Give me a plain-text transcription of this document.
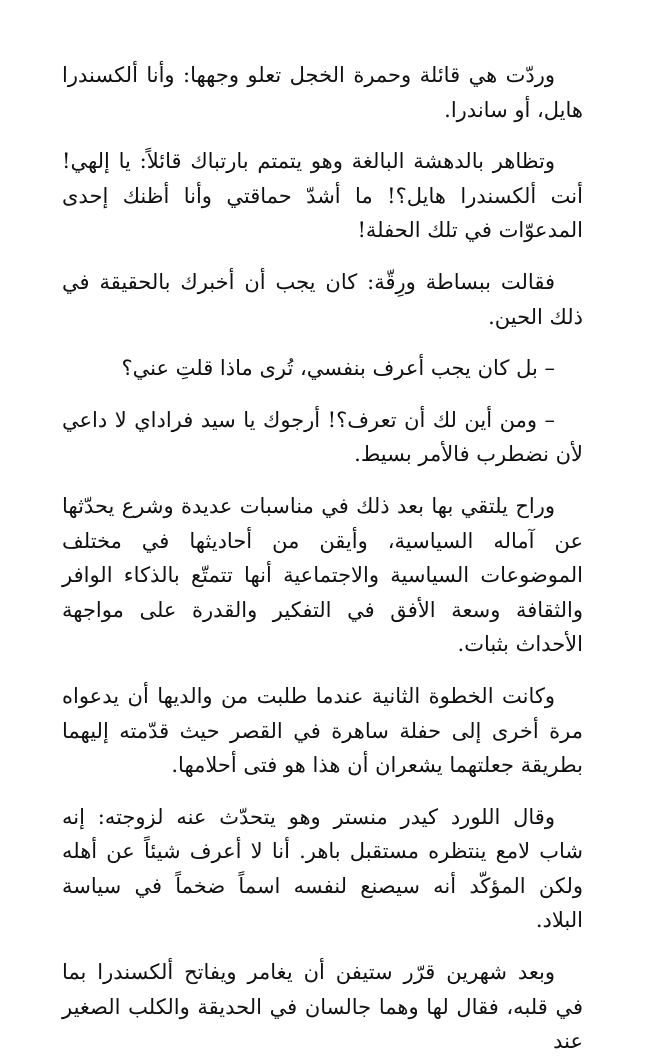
وردّت هي قائلة وحمرة الخجل تعلو وجهها: وأنا ألكسندرا هايل، أو ساندرا.

وتظاهر بالدهشة البالغة وهو يتمتم بارتباك قائلاً: يا إلهي! أنت ألكسندرا هايل؟! ما أشدّ حماقتي وأنا أظنك إحدى المدعوّات في تلك الحفلة!

فقالت ببساطة ورِقّة: كان يجب أن أخبرك بالحقيقة في ذلك الحين.

– بل كان يجب أعرف بنفسي، تُرى ماذا قلتِ عني؟

– ومن أين لك أن تعرف؟! أرجوك يا سيد فراداي لا داعي لأن نضطرب فالأمر بسيط.

وراح يلتقي بها بعد ذلك في مناسبات عديدة وشرع يحدّثها عن آماله السياسية، وأيقن من أحاديثها في مختلف الموضوعات السياسية والاجتماعية أنها تتمتّع بالذكاء الوافر والثقافة وسعة الأفق في التفكير والقدرة على مواجهة الأحداث بثبات.

وكانت الخطوة الثانية عندما طلبت من والديها أن يدعواه مرة أخرى إلى حفلة ساهرة في القصر حيث قدّمته إليهما بطريقة جعلتهما يشعران أن هذا هو فتى أحلامها.

وقال اللورد كيدر منستر وهو يتحدّث عنه لزوجته: إنه شاب لامع ينتظره مستقبل باهر. أنا لا أعرف شيئاً عن أهله ولكن المؤكّد أنه سيصنع لنفسه اسماً ضخماً في سياسة البلاد.

وبعد شهرين قرّر ستيفن أن يغامر ويفاتح ألكسندرا بما في قلبه، فقال لها وهما جالسان في الحديقة والكلب الصغير عند
